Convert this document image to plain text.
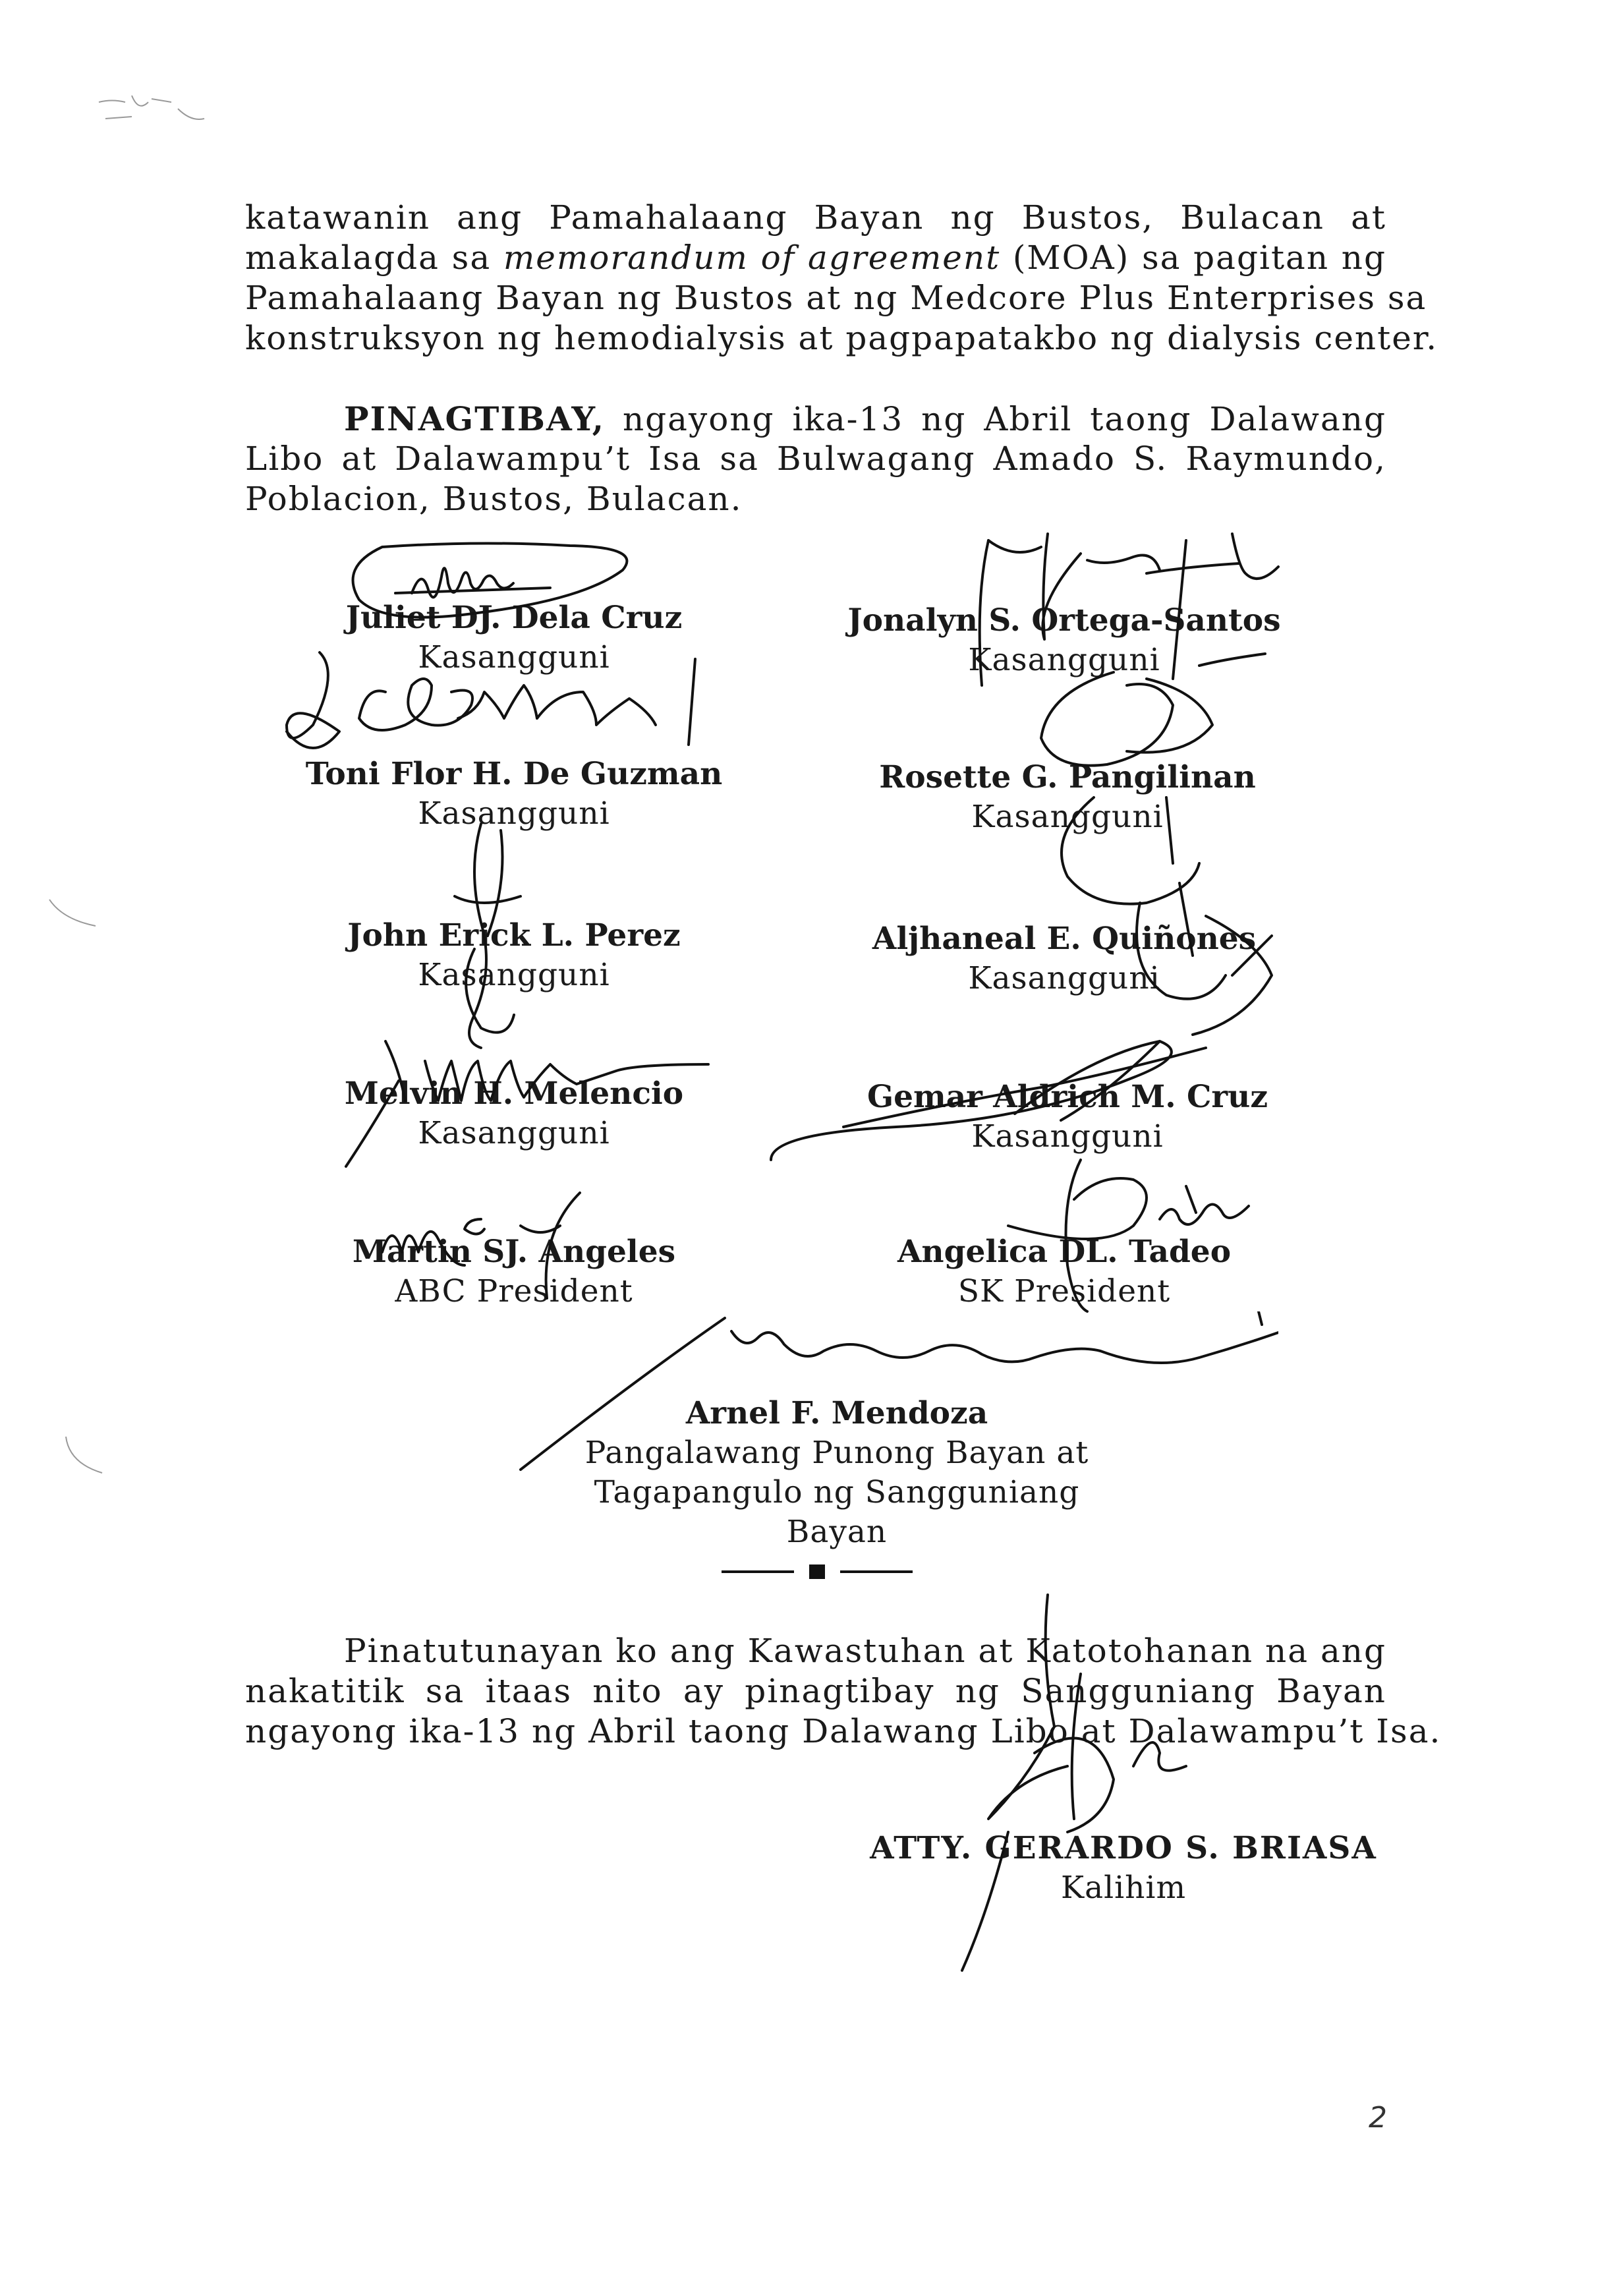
katawanin ang Pamahalaang Bayan ng Bustos, Bulacan at
makalagda sa memorandum of agreement (MOA) sa pagitan ng
Pamahalaang Bayan ng Bustos at ng Medcore Plus Enterprises sa
konstruksyon ng hemodialysis at pagpapatakbo ng dialysis center.
PINAGTIBAY, ngayong ika-13 ng Abril taong Dalawang
Libo at Dalawampu’t Isa sa Bulwagang Amado S. Raymundo,
Poblacion, Bustos, Bulacan.
Juliet DJ. Dela Cruz
Kasangguni
Jonalyn S. Ortega-Santos
Kasangguni
Toni Flor H. De Guzman
Kasangguni
Rosette G. Pangilinan
Kasangguni
John Erick L. Perez
Kasangguni
Aljhaneal E. Quiñones
Kasangguni
Melvin H. Melencio
Kasangguni
Gemar Aldrich M. Cruz
Kasangguni
Martin SJ. Angeles
ABC President
Angelica DL. Tadeo
SK President
Arnel F. Mendoza
Pangalawang Punong Bayan at
Tagapangulo ng Sangguniang Bayan
Pinatutunayan ko ang Kawastuhan at Katotohanan na ang
nakatitik sa itaas nito ay pinagtibay ng Sangguniang Bayan
ngayong ika-13 ng Abril taong Dalawang Libo at Dalawampu’t Isa.
ATTY. GERARDO S. BRIASA
Kalihim
2
